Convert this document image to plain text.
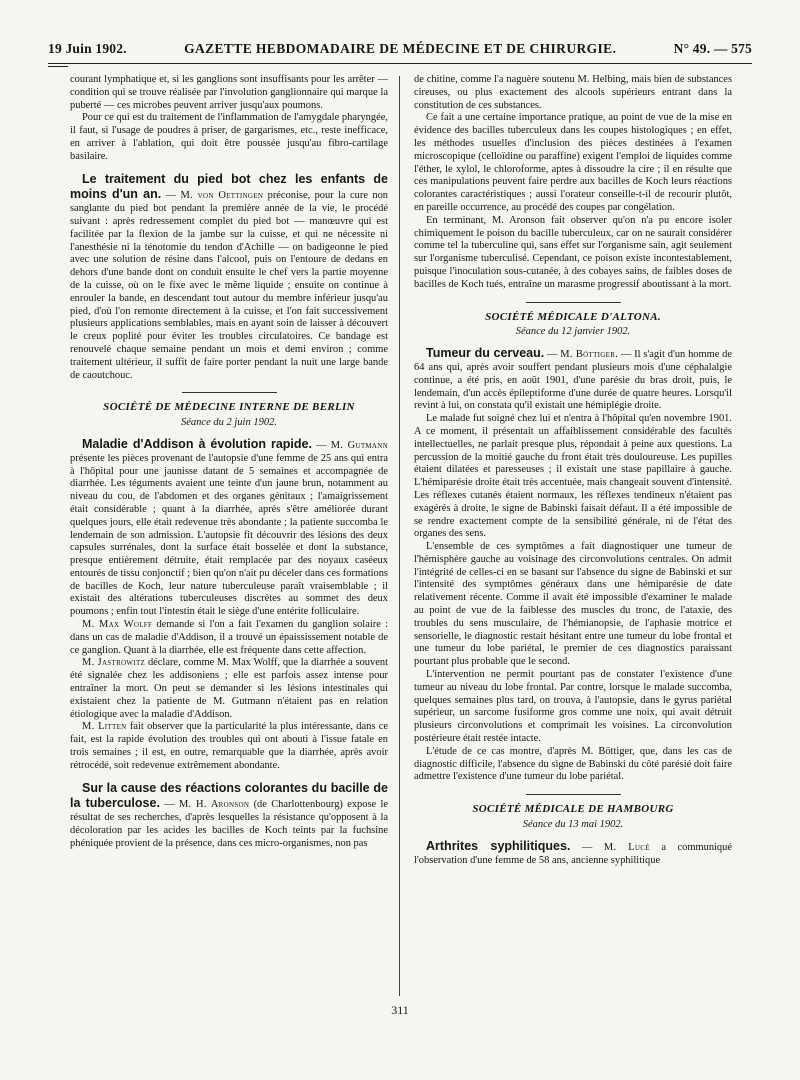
19 Juin 1902.	GAZETTE HEBDOMADAIRE DE MÉDECINE ET DE CHIRURGIE.	N° 49. — 575

courant lymphatique et, si les ganglions sont insuffisants pour les arrêter — condition qui se trouve réalisée par l'involution ganglionnaire qui marque la puberté — ces microbes peuvent arriver jusqu'aux poumons.

Pour ce qui est du traitement de l'inflammation de l'amygdale pharyngée, il faut, si l'usage de poudres à priser, de gargarismes, etc., reste inefficace, en arriver à l'ablation, qui doit être poussée jusqu'au fibro-cartilage basilaire.

Le traitement du pied bot chez les enfants de moins d'un an. — M. von Oettingen préconise, pour la cure non sanglante du pied bot pendant la première année de la vie, le procédé suivant : après redressement complet du pied bot — manœuvre qui est facilitée par la flexion de la jambe sur la cuisse, et qui ne nécessite ni l'anesthésie ni la ténotomie du tendon d'Achille — on badigeonne le pied avec une solution de résine dans l'alcool, puis on l'entoure de dedans en dehors d'une bande dont on conduit ensuite le chef vers la partie moyenne de la cuisse, où on le fixe avec le même liquide ; ensuite on continue à enrouler la bande, en descendant tout autour du membre inférieur jusqu'au pied, d'où l'on remonte directement à la cuisse, et l'on fait successivement plusieurs applications semblables, mais en ayant soin de laisser à découvert le creux poplité pour éviter les troubles circulatoires. Ce bandage est renouvelé chaque semaine pendant un mois et demi environ ; comme traitement ultérieur, il suffit de faire porter pendant la nuit une large bande de caoutchouc.

SOCIÉTÉ DE MÉDECINE INTERNE DE BERLIN
Séance du 2 juin 1902.

Maladie d'Addison à évolution rapide. — M. Gutmann présente les pièces provenant de l'autopsie d'une femme de 25 ans qui entra à l'hôpital pour une jaunisse datant de 5 semaines et accompagnée de diarrhée. Les téguments avaient une teinte d'un jaune brun, notamment au niveau du cou, de l'abdomen et des organes génitaux ; l'amaigrissement était considérable ; quant à la diarrhée, après s'être améliorée durant quelques jours, elle était redevenue très abondante ; la patiente succomba le lendemain de son admission. L'autopsie fit découvrir des lésions des deux capsules surrénales, dont la surface était bosselée et dont la substance, presque entièrement détruite, était remplacée par des noyaux caséeux entourés de tissu conjonctif ; bien qu'on n'ait pu déceler dans ces formations de bacilles de Koch, leur nature tuberculeuse paraît vraisemblable ; il existait des altérations tuberculeuses discrètes au sommet des deux poumons ; enfin tout l'intestin était le siège d'une entérite folliculaire.

M. Max Wolff demande si l'on a fait l'examen du ganglion solaire : dans un cas de maladie d'Addison, il a trouvé un épaississement notable de ce ganglion. Quant à la diarrhée, elle est fréquente dans cette affection.

M. Jastrowitz déclare, comme M. Max Wolff, que la diarrhée a souvent été signalée chez les addisoniens ; elle est parfois assez intense pour entraîner la mort. On peut se demander si les lésions intestinales qui existaient chez la patiente de M. Gutmann n'étaient pas en relation étiologique avec la maladie d'Addison.

M. Litten fait observer que la particularité la plus intéressante, dans ce fait, est la rapide évolution des troubles qui ont abouti à l'issue fatale en trois semaines ; il est, en outre, remarquable que la diarrhée, après avoir rétrocédé, soit redevenue extrêmement abondante.

Sur la cause des réactions colorantes du bacille de la tuberculose. — M. H. Aronson (de Charlottenbourg) expose le résultat de ses recherches, d'après lesquelles la résistance qu'opposent à la décoloration par les acides les bacilles de Koch teints par la fuchsine phéniquée provient de la présence, dans ces micro-organismes, non pas

de chitine, comme l'a naguère soutenu M. Helbing, mais bien de substances cireuses, ou plus exactement des alcools supérieurs entrant dans la constitution de ces substances.

Ce fait a une certaine importance pratique, au point de vue de la mise en évidence des bacilles tuberculeux dans les coupes histologiques ; en effet, les méthodes usuelles d'inclusion des pièces destinées à l'examen microscopique (celloïdine ou paraffine) exigent l'emploi de liquides comme l'éther, le xylol, le chloroforme, aptes à dissoudre la cire ; il en résulte que ces manipulations peuvent faire perdre aux bacilles de Koch leurs réactions colorantes caractéristiques ; aussi l'orateur conseille-t-il de recourir plutôt, en pareille occurrence, au procédé des coupes par congélation.

En terminant, M. Aronson fait observer qu'on n'a pu encore isoler chimiquement le poison du bacille tuberculeux, car on ne saurait considérer comme tel la tuberculine qui, sans effet sur l'organisme sain, agit seulement sur l'organisme tuberculisé. Cependant, ce poison existe incontestablement, puisque l'inoculation sous-cutanée, à des cobayes sains, de faibles doses de bacilles de Koch tués, entraîne un marasme progressif aboutissant à la mort.

SOCIÉTÉ MÉDICALE D'ALTONA.
Séance du 12 janvier 1902.

Tumeur du cerveau. — M. Böttiger. — Il s'agit d'un homme de 64 ans qui, après avoir souffert pendant plusieurs mois d'une céphalalgie continue, a été pris, en août 1901, d'une parésie du bras droit, puis, le lendemain, d'un accès épileptiforme d'une durée de quatre heures. Lorsqu'il revint à lui, on constata qu'il existait une hémiplégie droite.

Le malade fut soigné chez lui et n'entra à l'hôpital qu'en novembre 1901. A ce moment, il présentait un affaiblissement considérable des facultés intellectuelles, ne parlait presque plus, répondait à peine aux questions. La percussion de la moitié gauche du front était très douloureuse. Les pupilles étaient dilatées et paresseuses ; il existait une stase papillaire à gauche. L'hémiparésie droite était très accentuée, mais changeait souvent d'intensité. Les réflexes cutanés étaient normaux, les réflexes tendineux n'étaient pas exagérés à droite, le signe de Babinski faisait défaut. Il a été impossible de se rendre exactement compte de la sensibilité générale, ni de l'état des organes des sens.

L'ensemble de ces symptômes a fait diagnostiquer une tumeur de l'hémisphère gauche au voisinage des circonvolutions centrales. On admit l'intégrité de celles-ci en se basant sur l'absence du signe de Babinski et sur l'intensité des symptômes généraux dans une hémiparésie de date relativement récente. Comme il avait été impossible d'examiner le malade au point de vue de la faiblesse des muscles du tronc, de l'ataxie, des troubles du sens musculaire, de l'hémianopsie, de l'aphasie motrice et sensorielle, le diagnostic restait hésitant entre une tumeur du lobe frontal et une tumeur du lobe pariétal, le premier de ces diagnostics paraissant pourtant plus probable que le second.

L'intervention ne permit pourtant pas de constater l'existence d'une tumeur au niveau du lobe frontal. Par contre, lorsque le malade succomba, quelques semaines plus tard, on trouva, à l'autopsie, dans le gyrus pariétal supérieur, un sarcome fusiforme gros comme une noix, qui avait détruit plusieurs circonvolutions et comprimait les voisines. La circonvolution postérieure était restée intacte.

L'étude de ce cas montre, d'après M. Böttiger, que, dans les cas de diagnostic difficile, l'absence du signe de Babinski du côté parésié doit faire admettre l'existence d'une tumeur du lobe pariétal.

SOCIÉTÉ MÉDICALE DE HAMBOURG
Séance du 13 mai 1902.

Arthrites syphilitiques. — M. Lucé a communiqué l'observation d'une femme de 58 ans, ancienne syphilitique

311
